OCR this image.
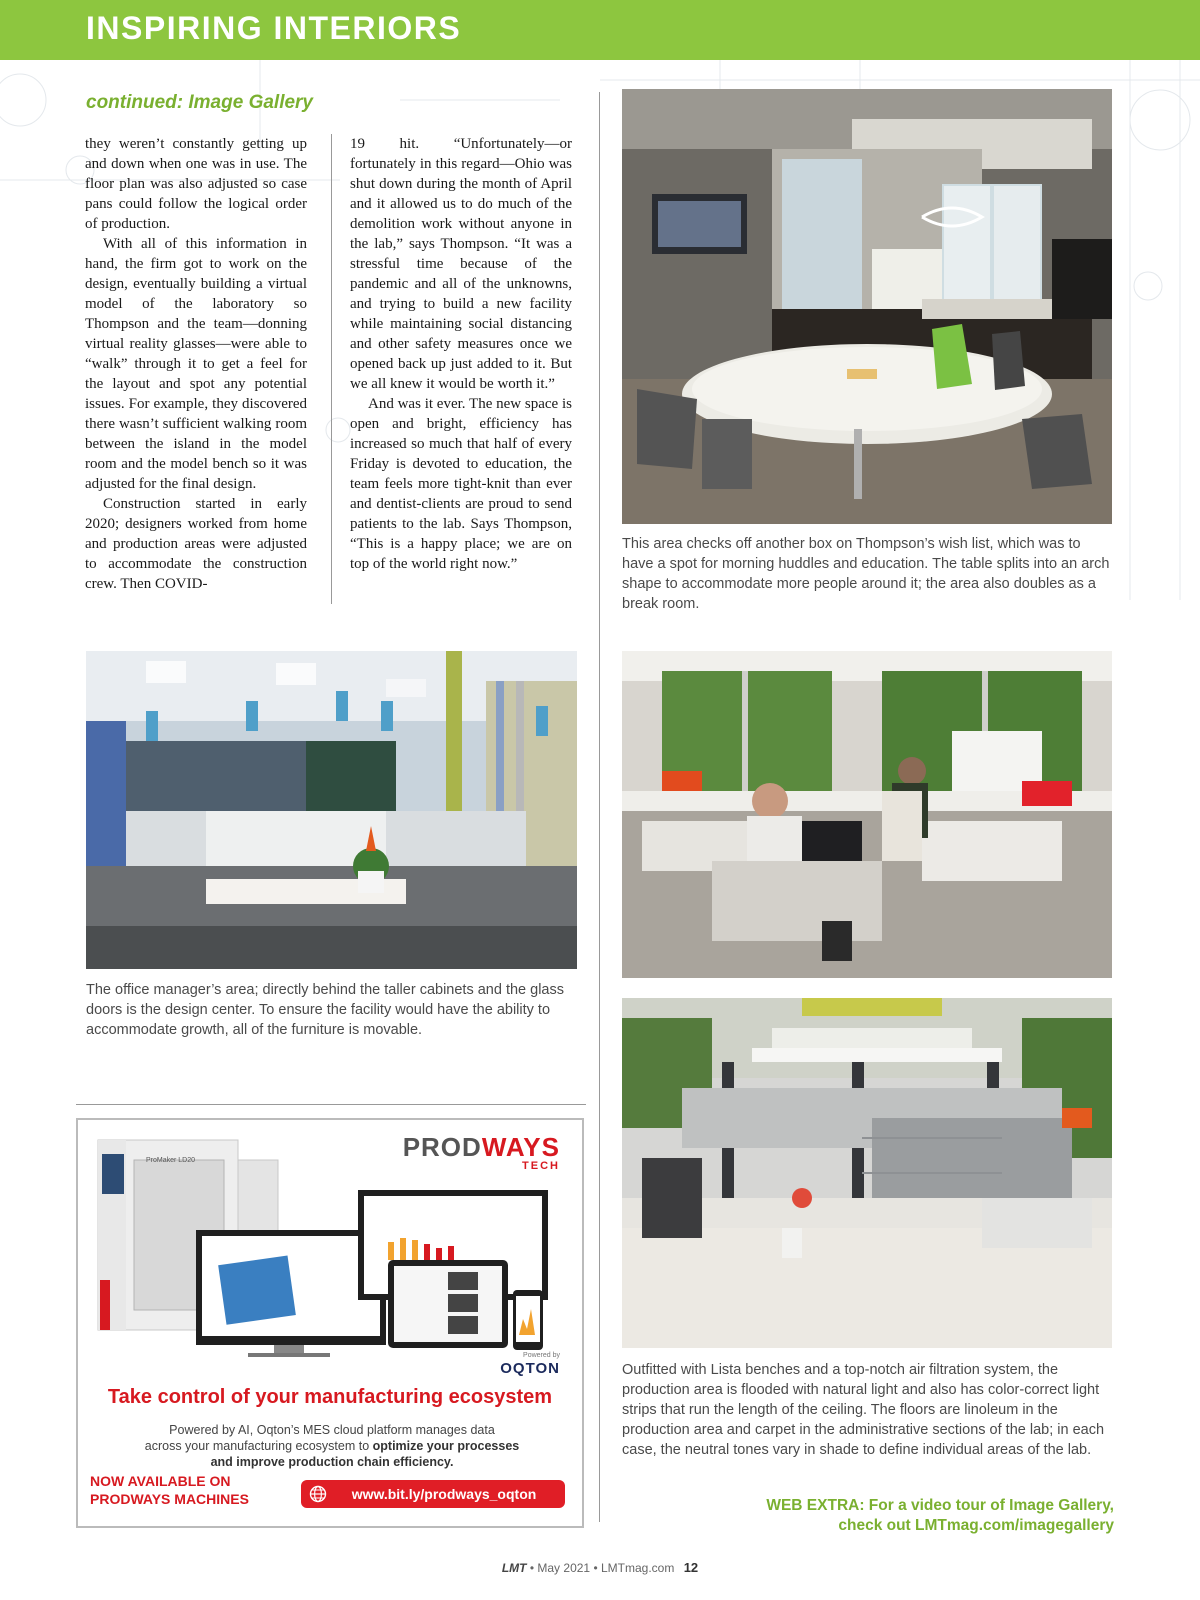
INSPIRING INTERIORS
continued: Image Gallery

they weren’t constantly getting up and down when one was in use. The floor plan was also adjusted so case pans could follow the logical order of production.

With all of this information in hand, the firm got to work on the design, eventually building a virtual model of the laboratory so Thompson and the team—donning virtual reality glasses—were able to “walk” through it to get a feel for the layout and spot any potential issues. For example, they discovered there wasn’t sufficient walking room between the island in the model room and the model bench so it was adjusted for the final design.

Construction started in early 2020; designers worked from home and production areas were adjusted to accommodate the construction crew. Then COVID-

19 hit. “Unfortunately—or fortunately in this regard—Ohio was shut down during the month of April and it allowed us to do much of the demolition work without anyone in the lab,” says Thompson. “It was a stressful time because of the pandemic and all of the unknowns, and trying to build a new facility while maintaining social distancing and other safety measures once we opened back up just added to it. But we all knew it would be worth it.”

And was it ever. The new space is open and bright, efficiency has increased so much that half of every Friday is devoted to education, the team feels more tight-knit than ever and dentist-clients are proud to send patients to the lab. Says Thompson, “This is a happy place; we are on top of the world right now.”

This area checks off another box on Thompson’s wish list, which was to have a spot for morning huddles and education. The table splits into an arch shape to accommodate more people around it; the area also doubles as a break room.
The office manager’s area; directly behind the taller cabinets and the glass doors is the design center. To ensure the facility would have the ability to accommodate growth, all of the furniture is movable.
Outfitted with Lista benches and a top-notch air filtration system, the production area is flooded with natural light and also has color-correct light strips that run the length of the ceiling. The floors are linoleum in the production area and carpet in the administrative sections of the lab; in each case, the neutral tones vary in shade to define individual areas of the lab.
WEB EXTRA: For a video tour of Image Gallery,
check out LMTmag.com/imagegallery
ProMaker LD20	PRODWAYS
TECH
Powered by
OQTON
Take control of your manufacturing ecosystem
Powered by AI, Oqton’s MES cloud platform manages data
across your manufacturing ecosystem to optimize your processes
and improve production chain efficiency.
NOW AVAILABLE ON
PRODWAYS MACHINES	www.bit.ly/prodways_oqton
LMT • May 2021 • LMTmag.com 12
